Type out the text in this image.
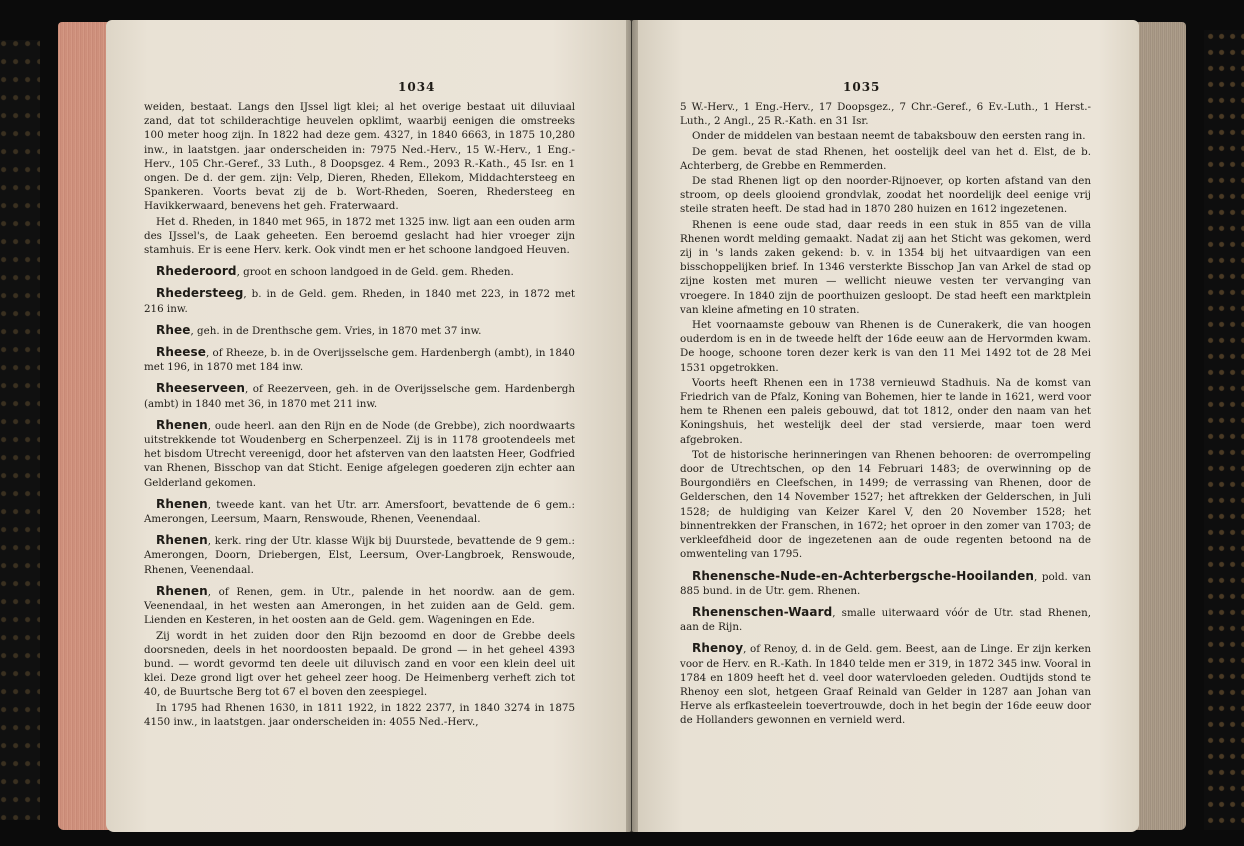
1034	1035

weiden, bestaat. Langs den IJssel ligt klei; al het overige bestaat uit diluviaal zand, dat tot schilderachtige heuvelen opklimt, waarbij eenigen die omstreeks 100 meter hoog zijn. In 1822 had deze gem. 4327, in 1840 6663, in 1875 10,280 inw., in laatstgen. jaar onderscheiden in: 7975 Ned.-Herv., 15 W.-Herv., 1 Eng.-Herv., 105 Chr.-Geref., 33 Luth., 8 Doopsgez. 4 Rem., 2093 R.-Kath., 45 Isr. en 1 ongen. De d. der gem. zijn: Velp, Dieren, Rheden, Ellekom, Middachtersteeg en Spankeren. Voorts bevat zij de b. Wort-Rheden, Soeren, Rhedersteeg en Havikkerwaard, benevens het geh. Fraterwaard.

Het d. Rheden, in 1840 met 965, in 1872 met 1325 inw. ligt aan een ouden arm des IJssel's, de Laak geheeten. Een beroemd geslacht had hier vroeger zijn stamhuis. Er is eene Herv. kerk. Ook vindt men er het schoone landgoed Heuven.

Rhederoord, groot en schoon landgoed in de Geld. gem. Rheden.

Rhedersteeg, b. in de Geld. gem. Rheden, in 1840 met 223, in 1872 met 216 inw.

Rhee, geh. in de Drenthsche gem. Vries, in 1870 met 37 inw.

Rheese, of Rheeze, b. in de Overijsselsche gem. Hardenbergh (ambt), in 1840 met 196, in 1870 met 184 inw.

Rheeserveen, of Reezerveen, geh. in de Overijsselsche gem. Hardenbergh (ambt) in 1840 met 36, in 1870 met 211 inw.

Rhenen, oude heerl. aan den Rijn en de Node (de Grebbe), zich noordwaarts uitstrekkende tot Woudenberg en Scherpenzeel. Zij is in 1178 grootendeels met het bisdom Utrecht vereenigd, door het afsterven van den laatsten Heer, Godfried van Rhenen, Bisschop van dat Sticht. Eenige afgelegen goederen zijn echter aan Gelderland gekomen.

Rhenen, tweede kant. van het Utr. arr. Amersfoort, bevattende de 6 gem.: Amerongen, Leersum, Maarn, Renswoude, Rhenen, Veenendaal.

Rhenen, kerk. ring der Utr. klasse Wijk bij Duurstede, bevattende de 9 gem.: Amerongen, Doorn, Driebergen, Elst, Leersum, Over-Langbroek, Renswoude, Rhenen, Veenendaal.

Rhenen, of Renen, gem. in Utr., palende in het noordw. aan de gem. Veenendaal, in het westen aan Amerongen, in het zuiden aan de Geld. gem. Lienden en Kesteren, in het oosten aan de Geld. gem. Wageningen en Ede.

Zij wordt in het zuiden door den Rijn bezoomd en door de Grebbe deels doorsneden, deels in het noordoosten bepaald. De grond — in het geheel 4393 bund. — wordt gevormd ten deele uit diluvisch zand en voor een klein deel uit klei. Deze grond ligt over het geheel zeer hoog. De Heimenberg verheft zich tot 40, de Buurtsche Berg tot 67 el boven den zeespiegel.

In 1795 had Rhenen 1630, in 1811 1922, in 1822 2377, in 1840 3274 in 1875 4150 inw., in laatstgen. jaar onderscheiden in: 4055 Ned.-Herv.,

5 W.-Herv., 1 Eng.-Herv., 17 Doopsgez., 7 Chr.-Geref., 6 Ev.-Luth., 1 Herst.-Luth., 2 Angl., 25 R.-Kath. en 31 Isr.

Onder de middelen van bestaan neemt de tabaksbouw den eersten rang in.

De gem. bevat de stad Rhenen, het oostelijk deel van het d. Elst, de b. Achterberg, de Grebbe en Remmerden.

De stad Rhenen ligt op den noorder-Rijnoever, op korten afstand van den stroom, op deels glooiend grondvlak, zoodat het noordelijk deel eenige vrij steile straten heeft. De stad had in 1870 280 huizen en 1612 ingezetenen.

Rhenen is eene oude stad, daar reeds in een stuk in 855 van de villa Rhenen wordt melding gemaakt. Nadat zij aan het Sticht was gekomen, werd zij in 's lands zaken gekend: b. v. in 1354 bij het uitvaardigen van een bisschoppelijken brief. In 1346 versterkte Bisschop Jan van Arkel de stad op zijne kosten met muren — wellicht nieuwe vesten ter vervanging van vroegere. In 1840 zijn de poorthuizen gesloopt. De stad heeft een marktplein van kleine afmeting en 10 straten.

Het voornaamste gebouw van Rhenen is de Cunerakerk, die van hoogen ouderdom is en in de tweede helft der 16de eeuw aan de Hervormden kwam. De hooge, schoone toren dezer kerk is van den 11 Mei 1492 tot de 28 Mei 1531 opgetrokken.

Voorts heeft Rhenen een in 1738 vernieuwd Stadhuis. Na de komst van Friedrich van de Pfalz, Koning van Bohemen, hier te lande in 1621, werd voor hem te Rhenen een paleis gebouwd, dat tot 1812, onder den naam van het Koningshuis, het westelijk deel der stad versierde, maar toen werd afgebroken.

Tot de historische herinneringen van Rhenen behooren: de overrompeling door de Utrechtschen, op den 14 Februari 1483; de overwinning op de Bourgondiërs en Cleefschen, in 1499; de verrassing van Rhenen, door de Gelderschen, den 14 November 1527; het aftrekken der Gelderschen, in Juli 1528; de huldiging van Keizer Karel V, den 20 November 1528; het binnentrekken der Franschen, in 1672; het oproer in den zomer van 1703; de verkleefdheid door de ingezetenen aan de oude regenten betoond na de omwenteling van 1795.

Rhenensche-Nude-en-Achterbergsche-Hooilanden, pold. van 885 bund. in de Utr. gem. Rhenen.

Rhenenschen-Waard, smalle uiterwaard vóór de Utr. stad Rhenen, aan de Rijn.

Rhenoy, of Renoy, d. in de Geld. gem. Beest, aan de Linge. Er zijn kerken voor de Herv. en R.-Kath. In 1840 telde men er 319, in 1872 345 inw. Vooral in 1784 en 1809 heeft het d. veel door watervloeden geleden. Oudtijds stond te Rhenoy een slot, hetgeen Graaf Reinald van Gelder in 1287 aan Johan van Herve als erfkasteelein toevertrouwde, doch in het begin der 16de eeuw door de Hollanders gewonnen en vernield werd.
